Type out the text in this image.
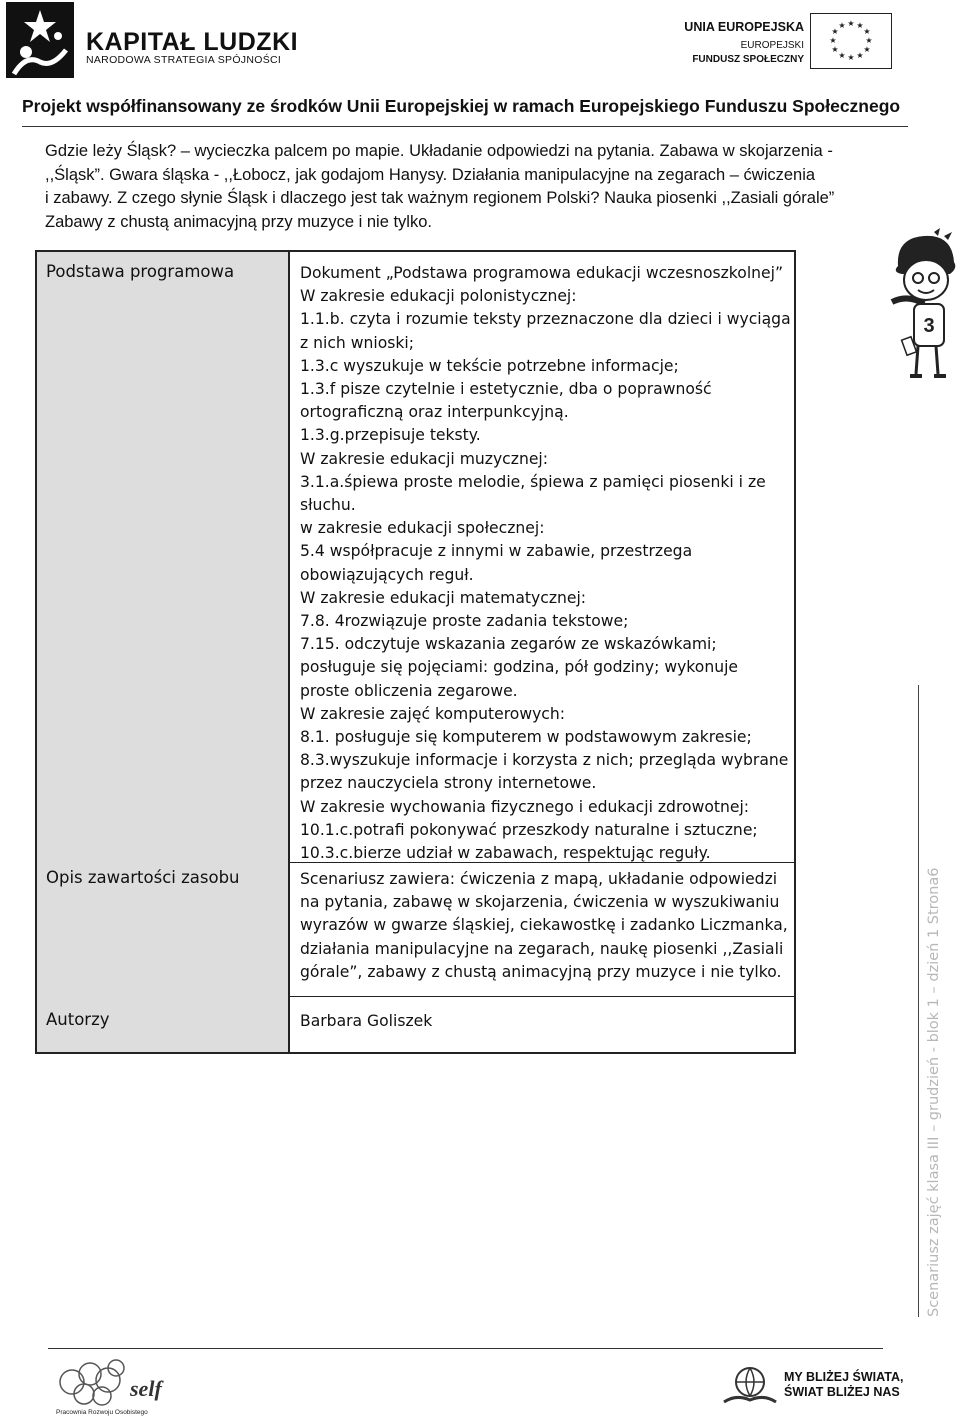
KAPITAŁ LUDZKI
NARODOWA STRATEGIA SPÓJNOŚCI
UNIA EUROPEJSKA
EUROPEJSKI
FUNDUSZ SPOŁECZNY
★ ★
★
★
★
★
★
★
★
★
★
★
Projekt współfinansowany ze środków Unii Europejskiej w ramach Europejskiego Funduszu Społecznego
Gdzie leży Śląsk? – wycieczka palcem po mapie. Układanie odpowiedzi na pytania. Zabawa w skojarzenia -
,,Śląsk”. Gwara śląska - ,,Łobocz, jak godajom Hanysy. Działania manipulacyjne na zegarach – ćwiczenia
i zabawy. Z czego słynie Śląsk i dlaczego jest tak ważnym regionem Polski? Nauka piosenki ,,Zasiali górale”
Zabawy z chustą animacyjną przy muzyce i nie tylko.
Podstawa programowa
Opis zawartości zasobu
Autorzy
Dokument „Podstawa programowa edukacji wczesnoszkolnej”
W zakresie edukacji polonistycznej:
1.1.b. czyta i rozumie teksty przeznaczone dla dzieci i wyciąga
z nich wnioski;
1.3.c wyszukuje w tekście potrzebne informacje;
1.3.f pisze czytelnie i estetycznie, dba o poprawność
ortograficzną oraz interpunkcyjną.
1.3.g.przepisuje teksty.
W zakresie edukacji muzycznej:
3.1.a.śpiewa proste melodie, śpiewa z pamięci piosenki i ze
słuchu.
w zakresie edukacji społecznej:
5.4 współpracuje z innymi w zabawie, przestrzega
obowiązujących reguł.
W zakresie edukacji matematycznej:
7.8. 4rozwiązuje proste zadania tekstowe;
7.15. odczytuje wskazania zegarów ze wskazówkami;
posługuje się pojęciami: godzina, pół godziny; wykonuje
proste obliczenia zegarowe.
W zakresie zajęć komputerowych:
8.1. posługuje się komputerem w podstawowym zakresie;
8.3.wyszukuje informacje i korzysta z nich; przegląda wybrane
przez nauczyciela strony internetowe.
W zakresie wychowania fizycznego i edukacji zdrowotnej:
10.1.c.potrafi pokonywać przeszkody naturalne i sztuczne;
10.3.c.bierze udział w zabawach, respektując reguły.
Scenariusz zawiera: ćwiczenia z mapą, układanie odpowiedzi
na pytania, zabawę w skojarzenia, ćwiczenia w wyszukiwaniu
wyrazów w gwarze śląskiej, ciekawostkę i zadanko Liczmanka,
działania manipulacyjne na zegarach, naukę piosenki ,,Zasiali
górale”, zabawy z chustą animacyjną przy muzyce i nie tylko.
Barbara Goliszek
3
Scenariusz zajęć klasa III – grudzień - blok 1 – dzień 1 Strona6
self
Pracownia Rozwoju Osobistego
MY BLIŻEJ ŚWIATA,
ŚWIAT BLIŻEJ NAS
